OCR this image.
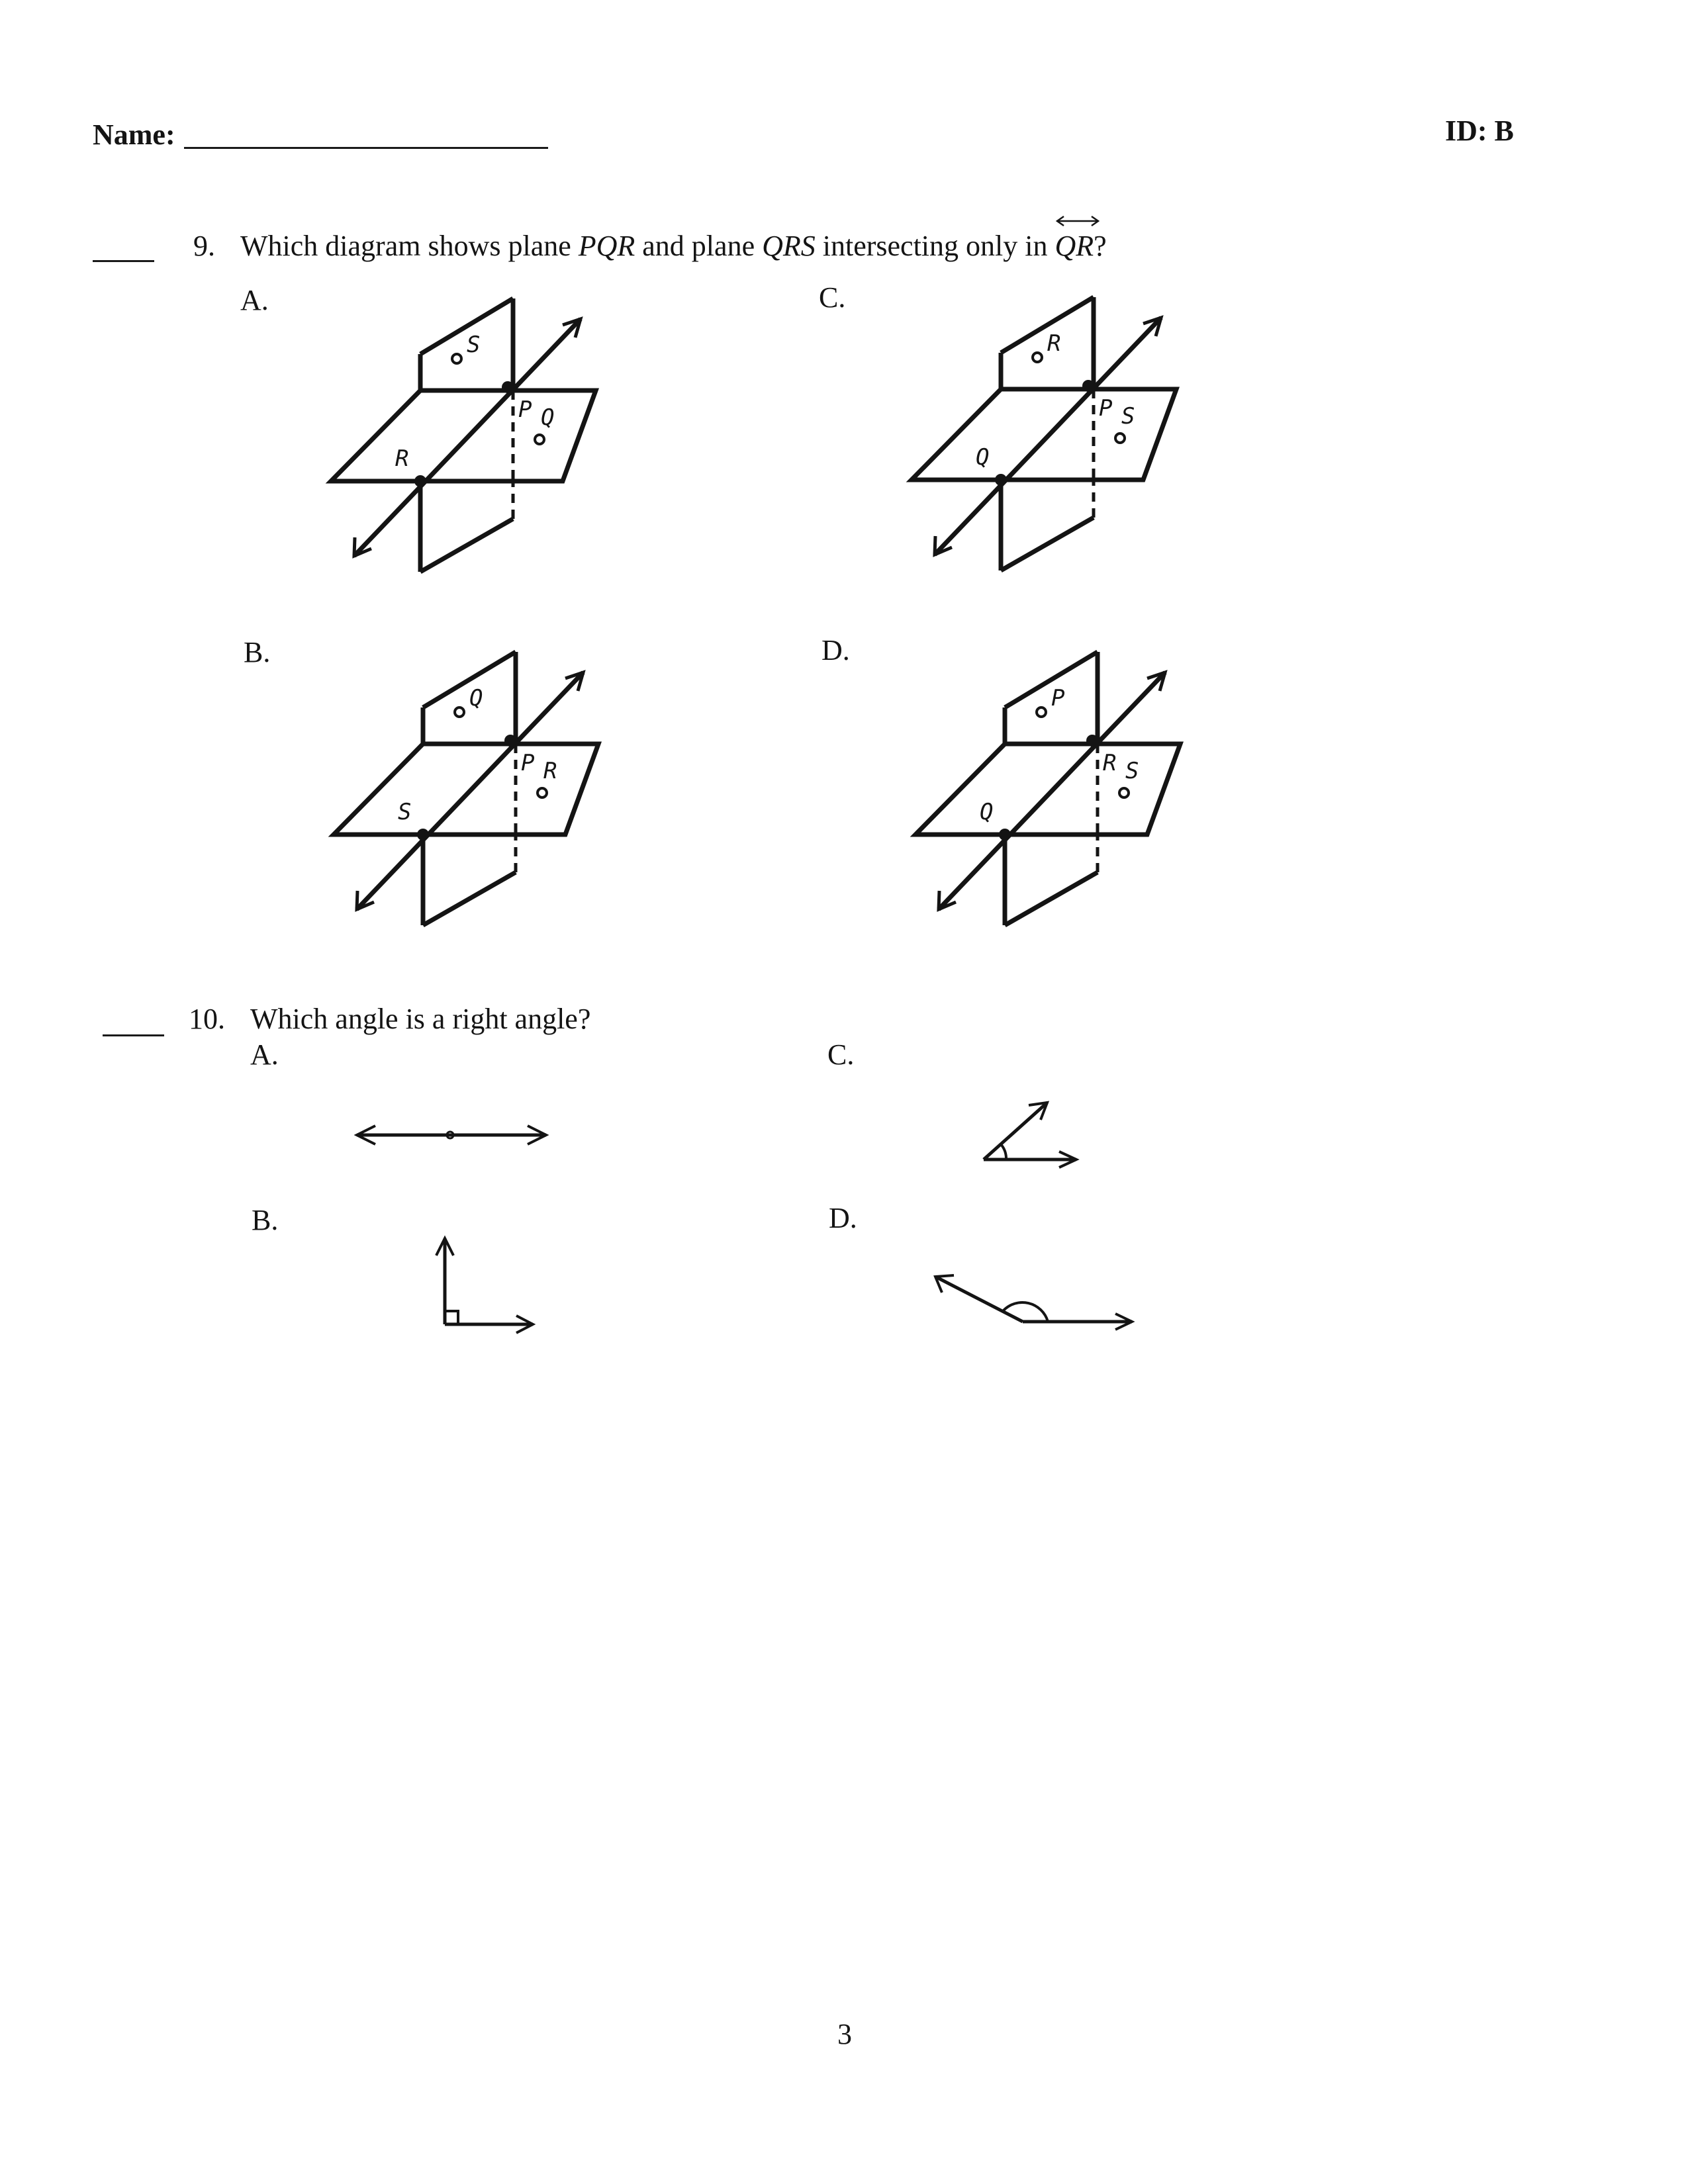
Name:	ID: B
9. Which diagram shows plane PQR and plane QRS intersecting only in
QR?
A.
B.
C.
D.
R
S
P Q
S
Q
P R
Q
R
P S
Q
P
R S
10. Which angle is a right angle?
A.
B.
C.
D.
3
